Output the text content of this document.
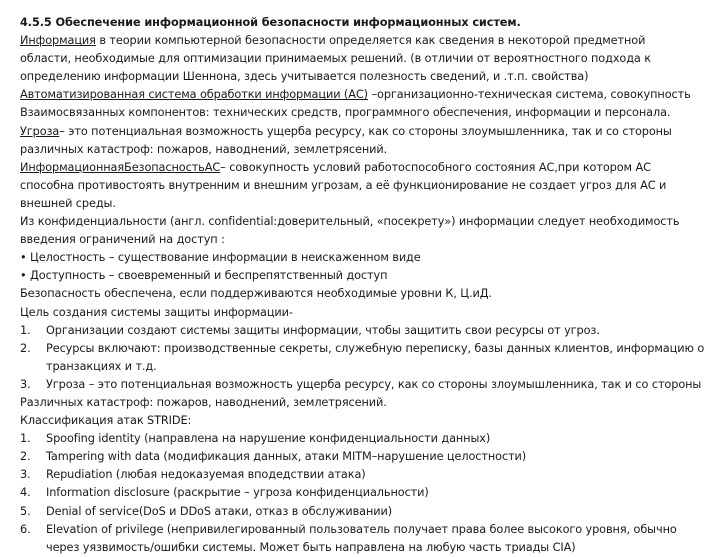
4.5.5 Обеспечение информационной безопасности информационных систем.
Информация в теории компьютерной безопасности определяется как сведения в некоторой предметной
области, необходимые для оптимизации принимаемых решений. (в отличии от вероятностного подхода к
определению информации Шеннона, здесь учитывается полезность сведений, и .т.п. свойства)
Автоматизированная система обработки информации (АС) –организационно-техническая система, совокупность
Взаимосвязанных компонентов: технических средств, программного обеспечения, информации и персонала.
Угроза– это потенциальная возможность ущерба ресурсу, как со стороны злоумышленника, так и со стороны
различных катастроф: пожаров, наводнений, землетрясений.
ИнформационнаяБезопасностьАС– совокупность условий работоспособного состояния АС,при котором АС
способна противостоять внутренним и внешним угрозам, а её функционирование не создает угроз для АС и
внешней среды.
Из конфиденциальности (англ. confidential:доверительный, «посекрету») информации следует необходимость
введения ограничений на доступ :
• Целостность – существование информации в неискаженном виде
• Доступность – своевременный и беспрепятственный доступ
Безопасность обеспечена, если поддерживаются необходимые уровни К, Ц.иД.
Цель создания системы защиты информации-
1. Организации создают системы защиты информации, чтобы защитить свои ресурсы от угроз.
2. Ресурсы включают: производственные секреты, служебную переписку, базы данных клиентов, информацию о транзакциях и т.д.
3. Угроза – это потенциальная возможность ущерба ресурсу, как со стороны злоумышленника, так и со стороны
Различных катастроф: пожаров, наводнений, землетрясений.
Классификация атак STRIDE:
1. Spoofing identity (направлена на нарушение конфиденциальности данных)
2. Tampering with data (модификация данных, атаки MITM–нарушение целостности)
3. Repudiation (любая недоказуемая вподедствии атака)
4. Information disclosure (раскрытие – угроза конфиденциальности)
5. Denial of service(DoS и DDoS атаки, отказ в обслуживании)
6. Elevation of privilege (непривилегированный пользователь получает права более высокого уровня, обычно через уязвимость/ошибки системы. Может быть направлена на любую часть триады CIA)
